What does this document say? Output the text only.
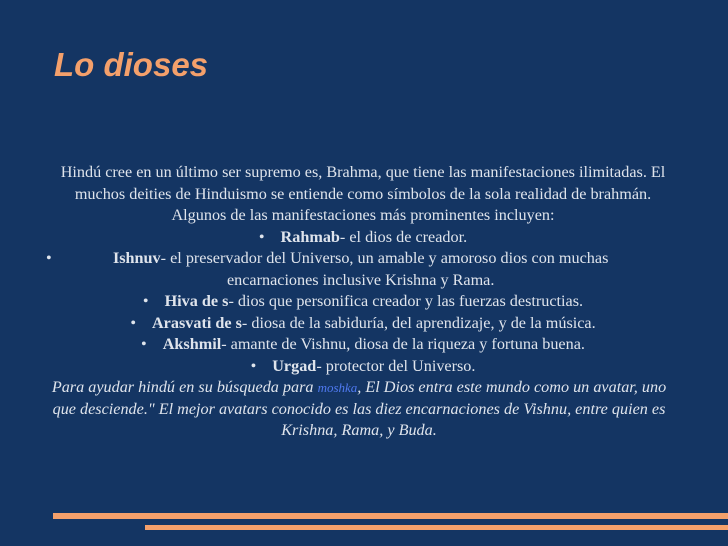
Lo dioses

Hindú cree en un último ser supremo es, Brahma, que tiene las manifestaciones ilimitadas. El muchos deities de Hinduismo se entiende como símbolos de la sola realidad de brahmán. Algunos de las manifestaciones más prominentes incluyen:

• Rahmab- el dios de creador.
•	Ishnuv- el preservador del Universo, un amable y amoroso dios con muchas encarnaciones inclusive Krishna y Rama.
• Hiva de s- dios que personifica creador y las fuerzas destructias.
• Arasvati de s- diosa de la sabiduría, del aprendizaje, y de la música.
• Akshmil- amante de Vishnu, diosa de la riqueza y fortuna buena.
• Urgad- protector del Universo.

Para ayudar hindú en su búsqueda para moshka, El Dios entra este mundo como un avatar, uno que desciende." El mejor avatars conocido es las diez encarnaciones de Vishnu, entre quien es Krishna, Rama, y Buda.
